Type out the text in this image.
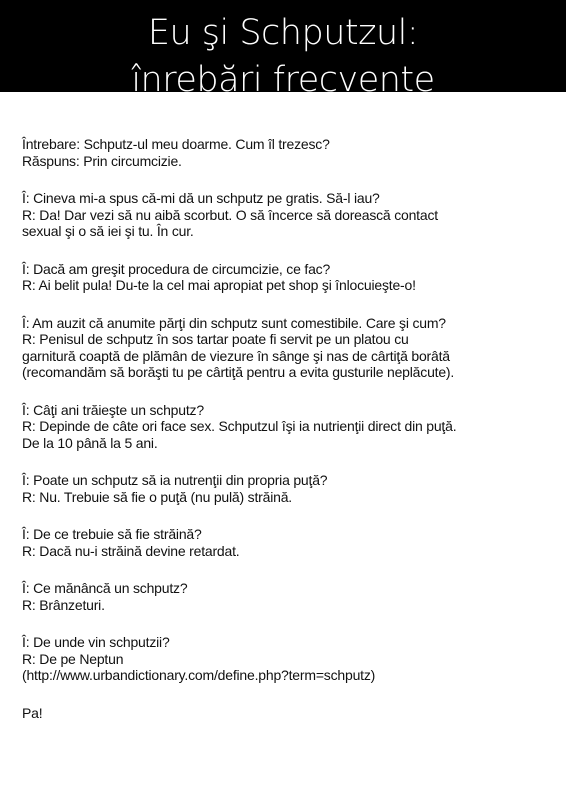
Eu şi Schputzul:
înrebări frecvente

Întrebare: Schputz-ul meu doarme. Cum îl trezesc?
Răspuns: Prin circumcizie.

Î: Cineva mi-a spus că-mi dă un schputz pe gratis. Să-l iau?
R: Da! Dar vezi să nu aibă scorbut. O să încerce să dorească contact
sexual şi o să iei şi tu. În cur.

Î: Dacă am greşit procedura de circumcizie, ce fac?
R: Ai belit pula! Du-te la cel mai apropiat pet shop şi înlocuieşte-o!

Î: Am auzit că anumite părţi din schputz sunt comestibile. Care şi cum?
R: Penisul de schputz în sos tartar poate fi servit pe un platou cu
garnitură coaptă de plămân de viezure în sânge şi nas de cârtiţă borâtă
(recomandăm să borăşti tu pe cârtiţă pentru a evita gusturile neplăcute).

Î: Câţi ani trăieşte un schputz?
R: Depinde de câte ori face sex. Schputzul îşi ia nutrienţii direct din puţă.
De la 10 până la 5 ani.

Î: Poate un schputz să ia nutrenţii din propria puţă?
R: Nu. Trebuie să fie o puţă (nu pulă) străină.

Î: De ce trebuie să fie străină?
R: Dacă nu-i străină devine retardat.

Î: Ce mănâncă un schputz?
R: Brânzeturi.

Î: De unde vin schputzii?
R: De pe Neptun
(http://www.urbandictionary.com/define.php?term=schputz)

Pa!
